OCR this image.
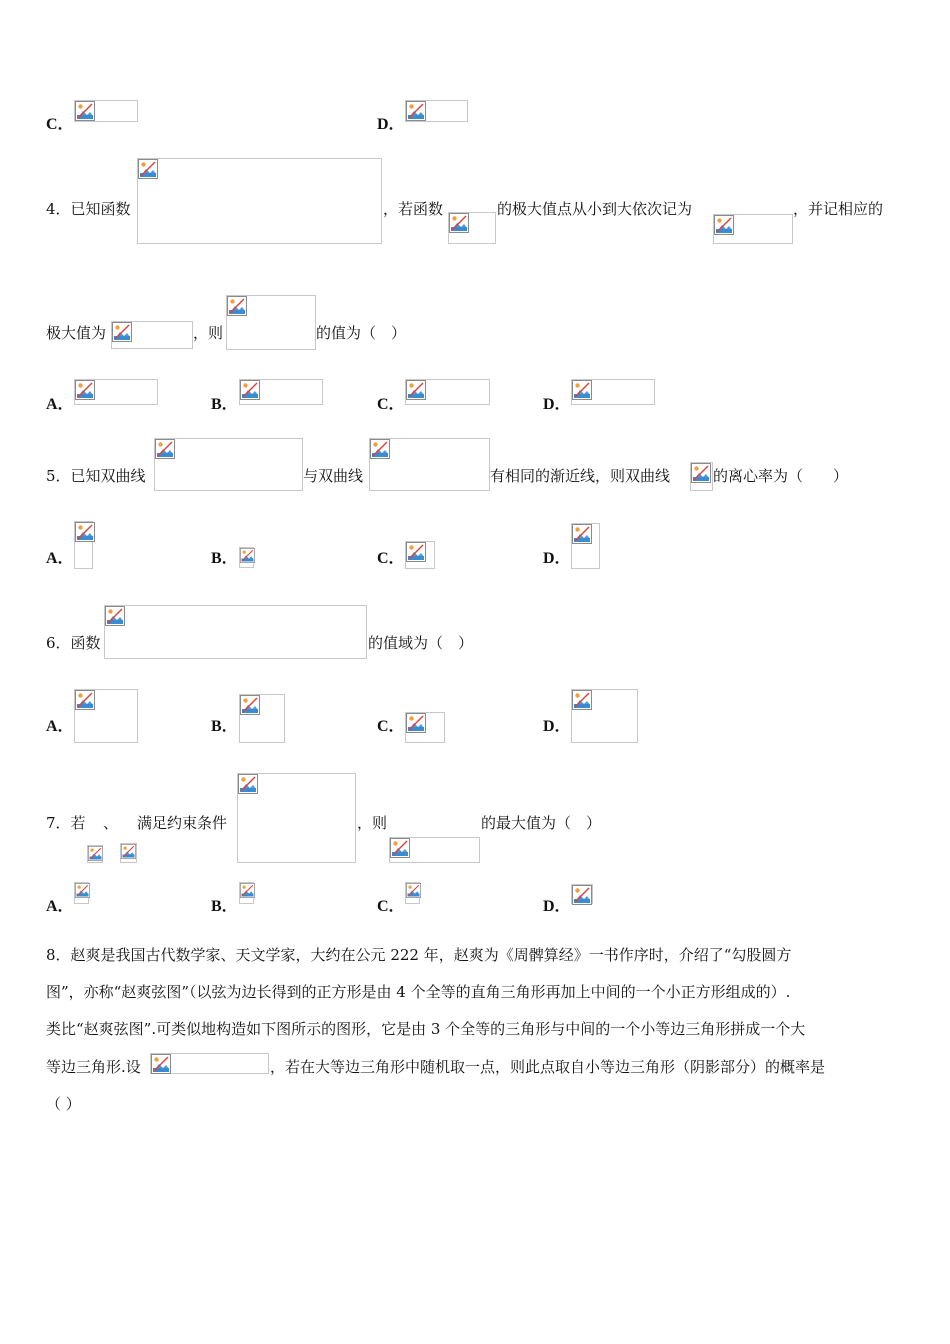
C．	D．
4．已知函数	，若函数	的极大值点从小到大依次记为	，并记相应的
极大值为	，则	的值为（　）
A．	B．	C．	D．
5．已知双曲线	与双曲线	有相同的渐近线，则双曲线	的离心率为（　　）
A．	B．	C．	D．
6．函数	的值域为（　）
A．	B．	C．	D．
7．若 、 满足约束条件	，则	的最大值为（　）
A．	B．	C．	D．
8．赵爽是我国古代数学家、天文学家，大约在公元 222 年，赵爽为《周髀算经》一书作序时，介绍了“勾股圆方
图”，亦称“赵爽弦图”（以弦为边长得到的正方形是由 4 个全等的直角三角形再加上中间的一个小正方形组成的）.
类比“赵爽弦图”.可类似地构造如下图所示的图形，它是由 3 个全等的三角形与中间的一个小等边三角形拼成一个大
等边三角形.设	，若在大等边三角形中随机取一点，则此点取自小等边三角形（阴影部分）的概率是
（ ）
